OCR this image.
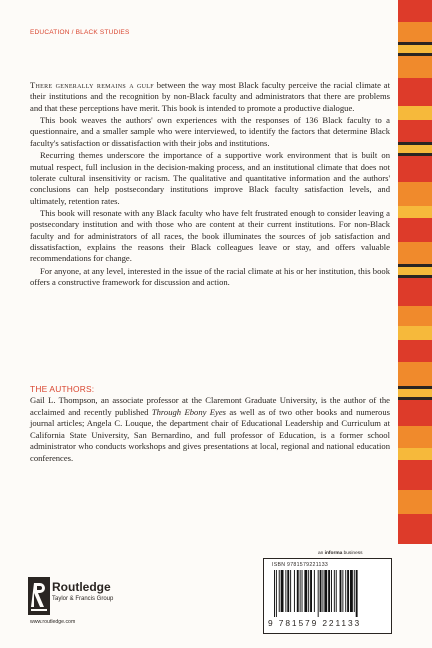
EDUCATION / BLACK STUDIES

There generally remains a gulf between the way most Black faculty perceive the racial climate at their institutions and the recognition by non-Black faculty and administrators that there are problems and that these perceptions have merit. This book is intended to promote a productive dialogue.

This book weaves the authors' own experiences with the responses of 136 Black faculty to a questionnaire, and a smaller sample who were interviewed, to identify the factors that determine Black faculty's satisfaction or dissatisfaction with their jobs and institutions.

Recurring themes underscore the importance of a supportive work environment that is built on mutual respect, full inclusion in the decision-making process, and an institutional climate that does not tolerate cultural insensitivity or racism. The qualitative and quantitative information and the authors' conclusions can help postsecondary institutions improve Black faculty satisfaction levels, and ultimately, retention rates.

This book will resonate with any Black faculty who have felt frustrated enough to consider leaving a postsecondary institution and with those who are content at their current institutions. For non-Black faculty and for administrators of all races, the book illuminates the sources of job satisfaction and dissatisfaction, explains the reasons their Black colleagues leave or stay, and offers valuable recommendations for change.

For anyone, at any level, interested in the issue of the racial climate at his or her institution, this book offers a constructive framework for discussion and action.

THE AUTHORS:

Gail L. Thompson, an associate professor at the Claremont Graduate University, is the author of the acclaimed and recently published Through Ebony Eyes as well as of two other books and numerous journal articles; Angela C. Louque, the department chair of Educational Leadership and Curriculum at California State University, San Bernardino, and full professor of Education, is a former school administrator who conducts workshops and gives presentations at local, regional and national education conferences.

Routledge
Taylor & Francis Group
www.routledge.com
an informa business
ISBN 9781579221133
9 781579 221133
